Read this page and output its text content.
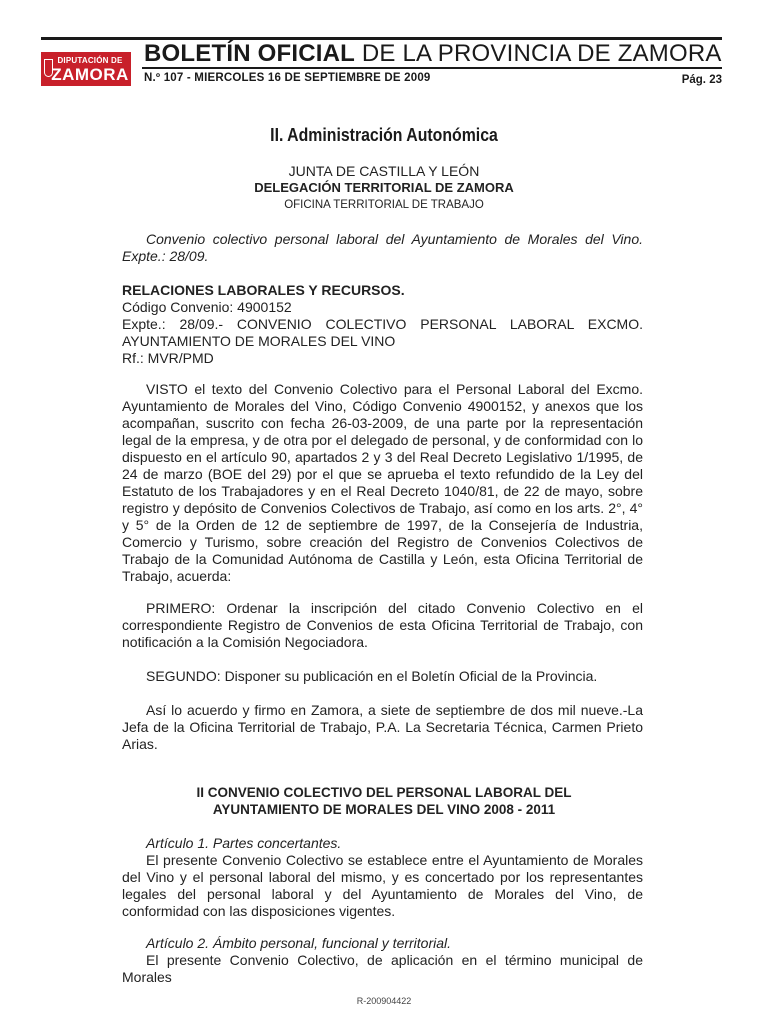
DIPUTACIÓN DE
ZAMORA
BOLETÍN OFICIAL DE LA PROVINCIA DE ZAMORA
N.º 107 - MIERCOLES 16 DE SEPTIEMBRE DE 2009	Pág. 23
II. Administración Autonómica
JUNTA DE CASTILLA Y LEÓN
DELEGACIÓN TERRITORIAL DE ZAMORA
OFICINA TERRITORIAL DE TRABAJO

Convenio colectivo personal laboral del Ayuntamiento de Morales del Vino. Expte.: 28/09.

RELACIONES LABORALES Y RECURSOS.
Código Convenio: 4900152
Expte.: 28/09.- CONVENIO COLECTIVO PERSONAL LABORAL EXCMO. AYUNTAMIENTO DE MORALES DEL VINO
Rf.: MVR/PMD

VISTO el texto del Convenio Colectivo para el Personal Laboral del Excmo. Ayuntamiento de Morales del Vino, Código Convenio 4900152, y anexos que los acompañan, suscrito con fecha 26-03-2009, de una parte por la representación legal de la empresa, y de otra por el delegado de personal, y de conformidad con lo dispuesto en el artículo 90, apartados 2 y 3 del Real Decreto Legislativo 1/1995, de 24 de marzo (BOE del 29) por el que se aprueba el texto refundido de la Ley del Estatuto de los Trabajadores y en el Real Decreto 1040/81, de 22 de mayo, sobre registro y depósito de Convenios Colectivos de Trabajo, así como en los arts. 2°, 4° y 5° de la Orden de 12 de septiembre de 1997, de la Consejería de Industria, Comercio y Turismo, sobre creación del Registro de Convenios Colectivos de Trabajo de la Comunidad Autónoma de Castilla y León, esta Oficina Territorial de Trabajo, acuerda:

PRIMERO: Ordenar la inscripción del citado Convenio Colectivo en el correspondiente Registro de Convenios de esta Oficina Territorial de Trabajo, con notificación a la Comisión Negociadora.

SEGUNDO: Disponer su publicación en el Boletín Oficial de la Provincia.

Así lo acuerdo y firmo en Zamora, a siete de septiembre de dos mil nueve.-La Jefa de la Oficina Territorial de Trabajo, P.A. La Secretaria Técnica, Carmen Prieto Arias.

II CONVENIO COLECTIVO DEL PERSONAL LABORAL DEL
AYUNTAMIENTO DE MORALES DEL VINO 2008 - 2011

Artículo 1. Partes concertantes.

El presente Convenio Colectivo se establece entre el Ayuntamiento de Morales del Vino y el personal laboral del mismo, y es concertado por los representantes legales del personal laboral y del Ayuntamiento de Morales del Vino, de conformidad con las disposiciones vigentes.

Artículo 2. Ámbito personal, funcional y territorial.

El presente Convenio Colectivo, de aplicación en el término municipal de Morales

R-200904422
